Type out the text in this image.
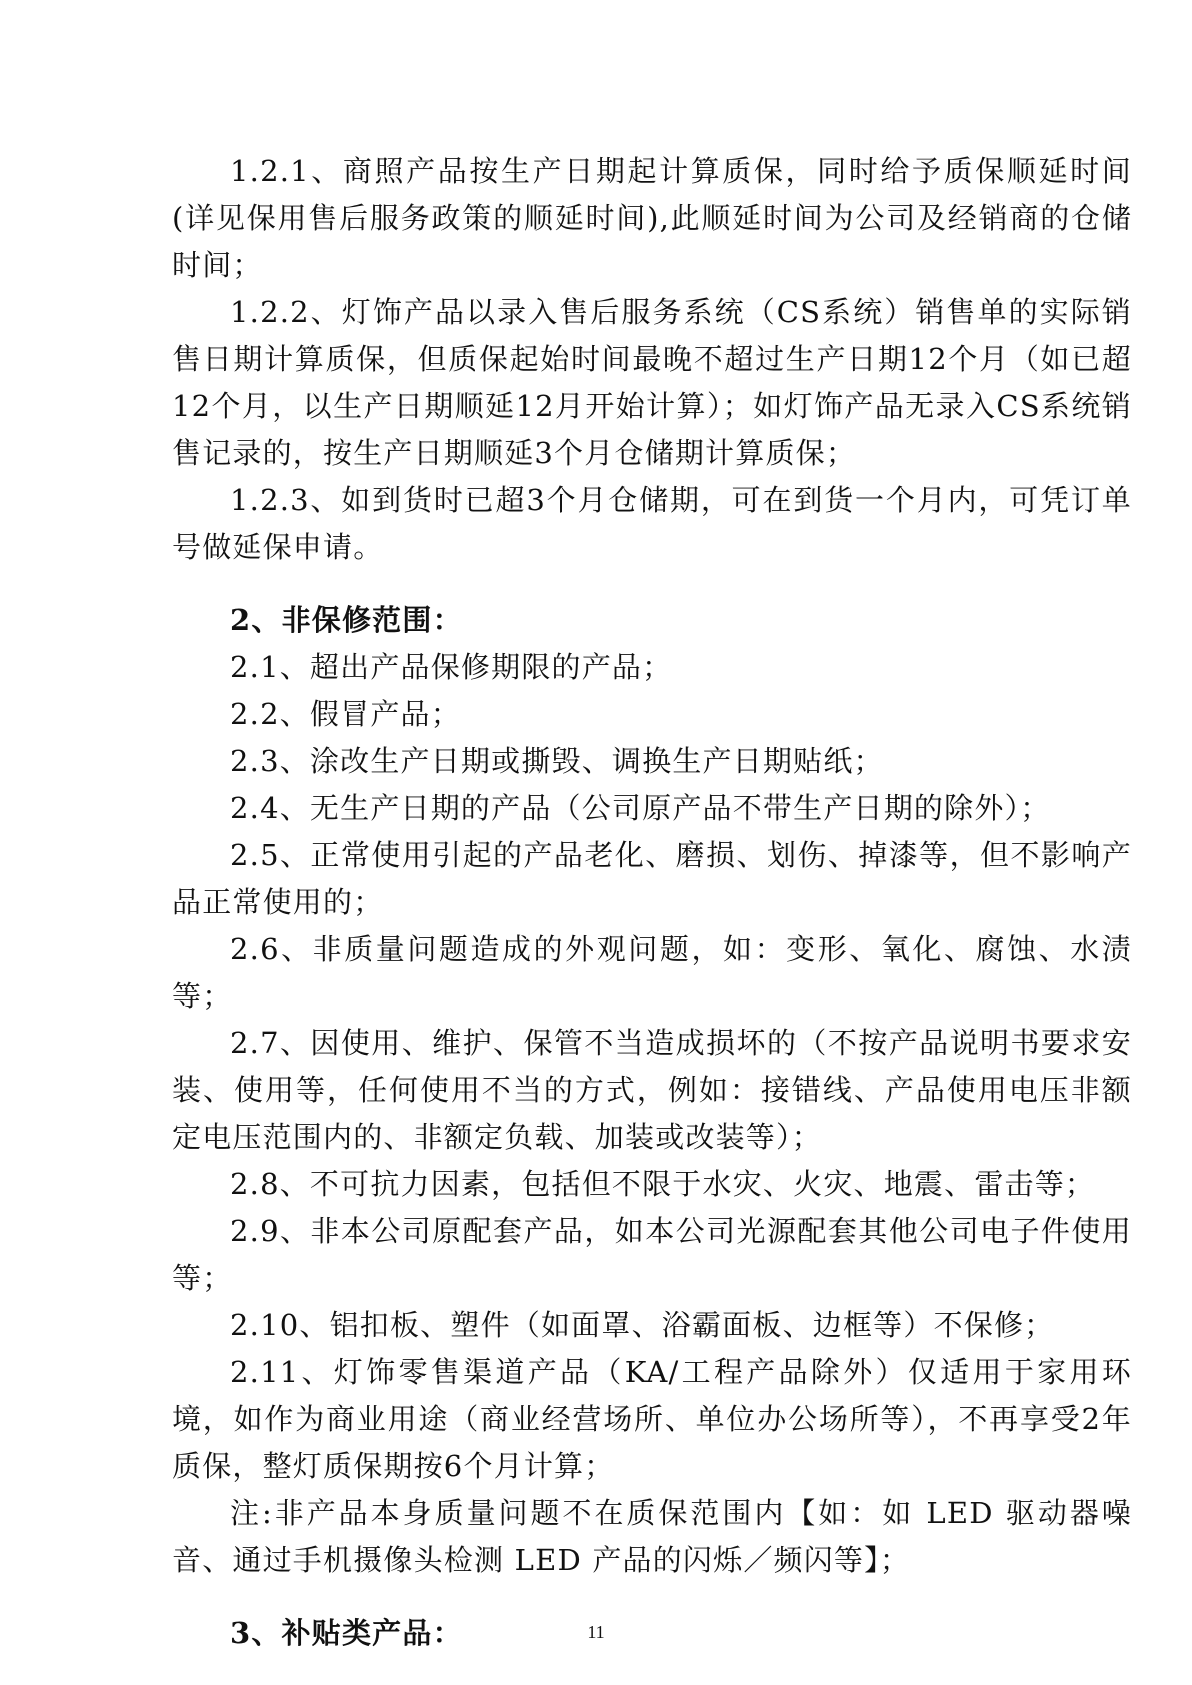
1.2.1、商照产品按生产日期起计算质保，同时给予质保顺延时间(详见保用售后服务政策的顺延时间),此顺延时间为公司及经销商的仓储时间；

1.2.2、灯饰产品以录入售后服务系统（CS系统）销售单的实际销售日期计算质保，但质保起始时间最晚不超过生产日期12个月（如已超12个月，以生产日期顺延12月开始计算）；如灯饰产品无录入CS系统销售记录的，按生产日期顺延3个月仓储期计算质保；

1.2.3、如到货时已超3个月仓储期，可在到货一个月内，可凭订单号做延保申请。

2、非保修范围：

2.1、超出产品保修期限的产品；

2.2、假冒产品；

2.3、涂改生产日期或撕毁、调换生产日期贴纸；

2.4、无生产日期的产品（公司原产品不带生产日期的除外）；

2.5、正常使用引起的产品老化、磨损、划伤、掉漆等，但不影响产品正常使用的；

2.6、非质量问题造成的外观问题，如：变形、氧化、腐蚀、水渍等；

2.7、因使用、维护、保管不当造成损坏的（不按产品说明书要求安装、使用等，任何使用不当的方式，例如：接错线、产品使用电压非额定电压范围内的、非额定负载、加装或改装等）；

2.8、不可抗力因素，包括但不限于水灾、火灾、地震、雷击等；

2.9、非本公司原配套产品，如本公司光源配套其他公司电子件使用等；

2.10、铝扣板、塑件（如面罩、浴霸面板、边框等）不保修；

2.11、灯饰零售渠道产品（KA/工程产品除外）仅适用于家用环境，如作为商业用途（商业经营场所、单位办公场所等），不再享受2年质保，整灯质保期按6个月计算；

注:非产品本身质量问题不在质保范围内【如：如 LED 驱动器噪音、通过手机摄像头检测 LED 产品的闪烁／频闪等】；

3、补贴类产品：	11
